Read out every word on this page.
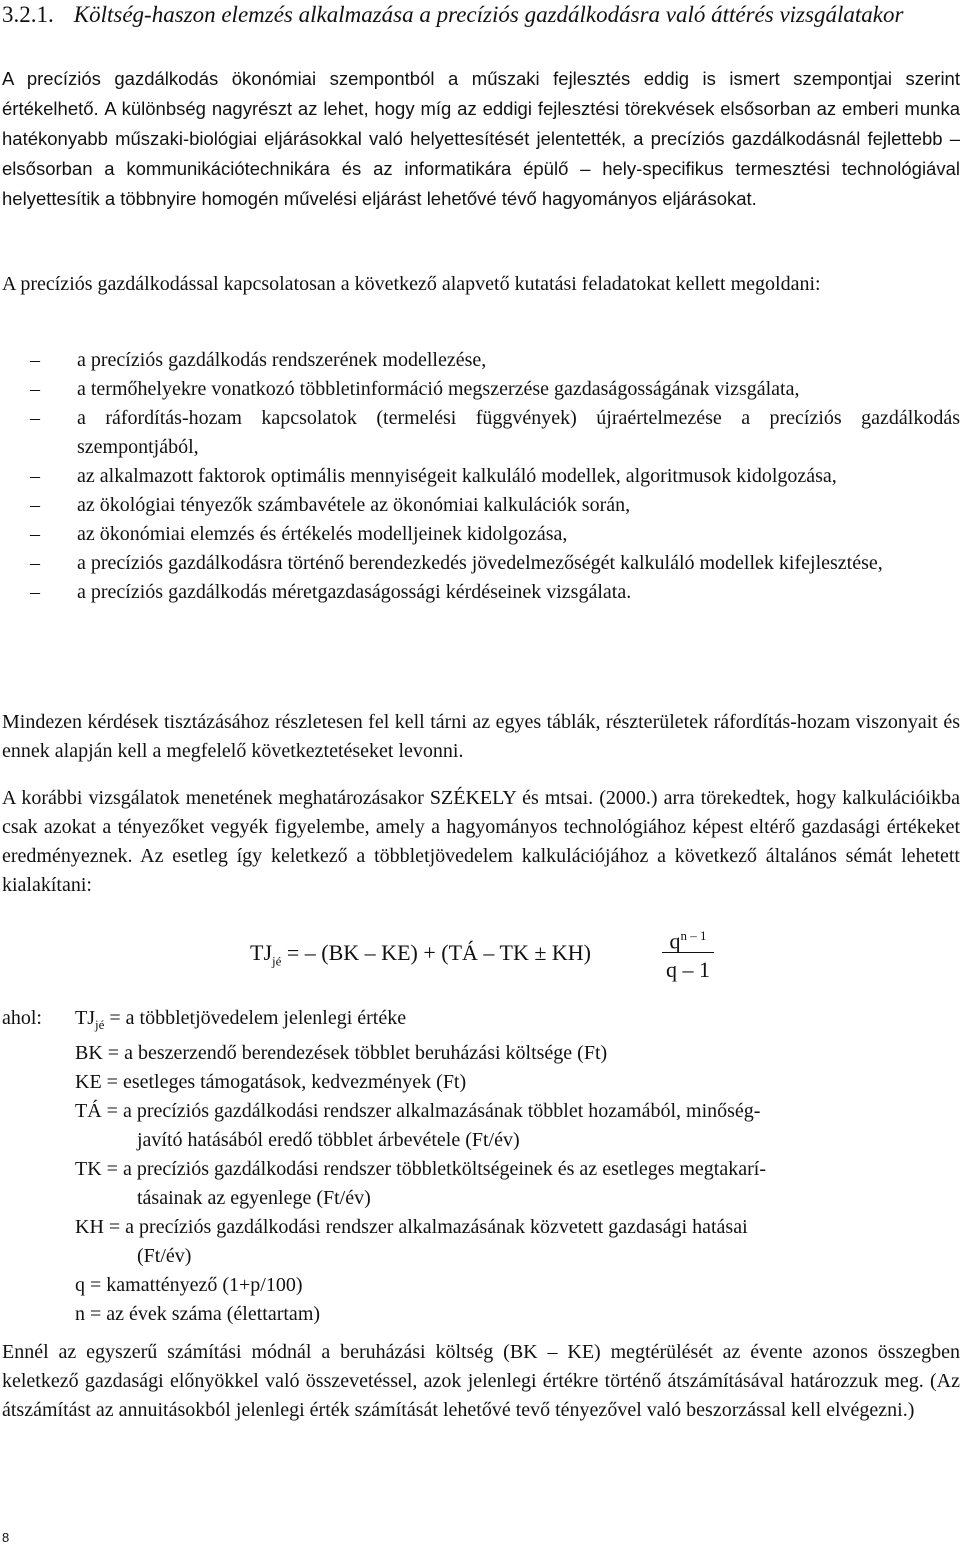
3.2.1. Költség-haszon elemzés alkalmazása a precíziós gazdálkodásra való áttérés vizsgálatakor
A precíziós gazdálkodás ökonómiai szempontból a műszaki fejlesztés eddig is ismert szempontjai szerint értékelhető. A különbség nagyrészt az lehet, hogy míg az eddigi fejlesztési törekvések elsősorban az emberi munka hatékonyabb műszaki-biológiai eljárásokkal való helyettesítését jelentették, a precíziós gazdálkodásnál fejlettebb – elsősorban a kommunikációtechnikára és az informatikára épülő – hely-specifikus termesztési technológiával helyettesítik a többnyire homogén művelési eljárást lehetővé tévő hagyományos eljárásokat.
A precíziós gazdálkodással kapcsolatosan a következő alapvető kutatási feladatokat kellett megoldani:
–	a precíziós gazdálkodás rendszerének modellezése,
–	a termőhelyekre vonatkozó többletinformáció megszerzése gazdaságosságának vizsgálata,
–	a ráfordítás-hozam kapcsolatok (termelési függvények) újraértelmezése a precíziós gazdálkodás szempontjából,
–	az alkalmazott faktorok optimális mennyiségeit kalkuláló modellek, algoritmusok kidolgozása,
–	az ökológiai tényezők számbavétele az ökonómiai kalkulációk során,
–	az ökonómiai elemzés és értékelés modelljeinek kidolgozása,
–	a precíziós gazdálkodásra történő berendezkedés jövedelmezőségét kalkuláló modellek kifejlesztése,
–	a precíziós gazdálkodás méretgazdaságossági kérdéseinek vizsgálata.
Mindezen kérdések tisztázásához részletesen fel kell tárni az egyes táblák, részterületek ráfordítás-hozam viszonyait és ennek alapján kell a megfelelő következtetéseket levonni.
A korábbi vizsgálatok menetének meghatározásakor SZÉKELY és mtsai. (2000.) arra törekedtek, hogy kalkulációikba csak azokat a tényezőket vegyék figyelembe, amely a hagyományos technológiához képest eltérő gazdasági értékeket eredményeznek. Az esetleg így keletkező a többletjövedelem kalkulációjához a következő általános sémát lehetett kialakítani:
$TJ_{jé}$ = – (BK – KE) + (TÁ – TK ± KH)	$q^{n - 1}$
q – 1
ahol: $TJ_{jé} = a$ többletjövedelem jelenlegi értéke
BK = a beszerzendő berendezések többlet beruházási költsége (Ft)
KE = esetleges támogatások, kedvezmények (Ft)
TÁ = a precíziós gazdálkodási rendszer alkalmazásának többlet hozamából, minőség-
javító hatásából eredő többlet árbevétele (Ft/év)
TK = a precíziós gazdálkodási rendszer többletköltségeinek és az esetleges megtakarí-
tásainak az egyenlege (Ft/év)
KH = a precíziós gazdálkodási rendszer alkalmazásának közvetett gazdasági hatásai
(Ft/év)
q = kamattényező (1+p/100)
n = az évek száma (élettartam)
Ennél az egyszerű számítási módnál a beruházási költség (BK – KE) megtérülését az évente azonos összegben keletkező gazdasági előnyökkel való összevetéssel, azok jelenlegi értékre történő átszámításával határozzuk meg. (Az átszámítást az annuitásokból jelenlegi érték számítását lehetővé tevő tényezővel való beszorzással kell elvégezni.)
8
